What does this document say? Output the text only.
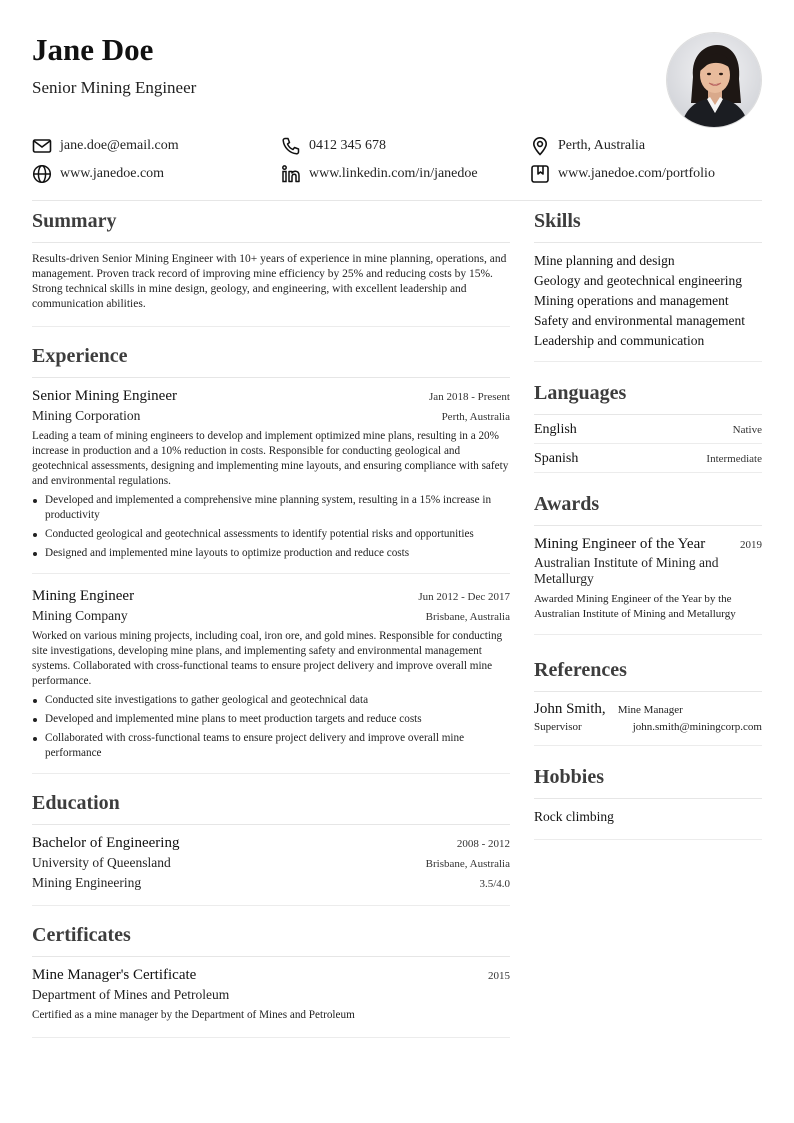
Jane Doe
Senior Mining Engineer
jane.doe@email.com	0412 345 678	Perth, Australia
www.janedoe.com	www.linkedin.com/in/janedoe	www.janedoe.com/portfolio
Summary

Results-driven Senior Mining Engineer with 10+ years of experience in mine planning, operations, and management. Proven track record of improving mine efficiency by 25% and reducing costs by 15%. Strong technical skills in mine design, geology, and engineering, with excellent leadership and communication abilities.

Experience
Senior Mining Engineer	Jan 2018 - Present
Mining Corporation	Perth, Australia

Leading a team of mining engineers to develop and implement optimized mine plans, resulting in a 20% increase in production and a 10% reduction in costs. Responsible for conducting geological and geotechnical assessments, designing and implementing mine layouts, and ensuring compliance with safety and environmental regulations.

Developed and implemented a comprehensive mine planning system, resulting in a 15% increase in productivity
Conducted geological and geotechnical assessments to identify potential risks and opportunities
Designed and implemented mine layouts to optimize production and reduce costs
Mining Engineer	Jun 2012 - Dec 2017
Mining Company	Brisbane, Australia

Worked on various mining projects, including coal, iron ore, and gold mines. Responsible for conducting site investigations, developing mine plans, and implementing safety and environmental management systems. Collaborated with cross-functional teams to ensure project delivery and improve overall mine performance.

Conducted site investigations to gather geological and geotechnical data
Developed and implemented mine plans to meet production targets and reduce costs
Collaborated with cross-functional teams to ensure project delivery and improve overall mine performance
Education
Bachelor of Engineering	2008 - 2012
University of Queensland	Brisbane, Australia
Mining Engineering	3.5/4.0
Certificates
Mine Manager's Certificate	2015
Department of Mines and Petroleum

Certified as a mine manager by the Department of Mines and Petroleum

Skills
Mine planning and design
Geology and geotechnical engineering
Mining operations and management
Safety and environmental management
Leadership and communication
Languages
English	Native
Spanish	Intermediate
Awards
Mining Engineer of the Year	2019
Australian Institute of Mining and Metallurgy

Awarded Mining Engineer of the Year by the Australian Institute of Mining and Metallurgy

References
John Smith, Mine Manager
Supervisor	john.smith@miningcorp.com
Hobbies
Rock climbing
